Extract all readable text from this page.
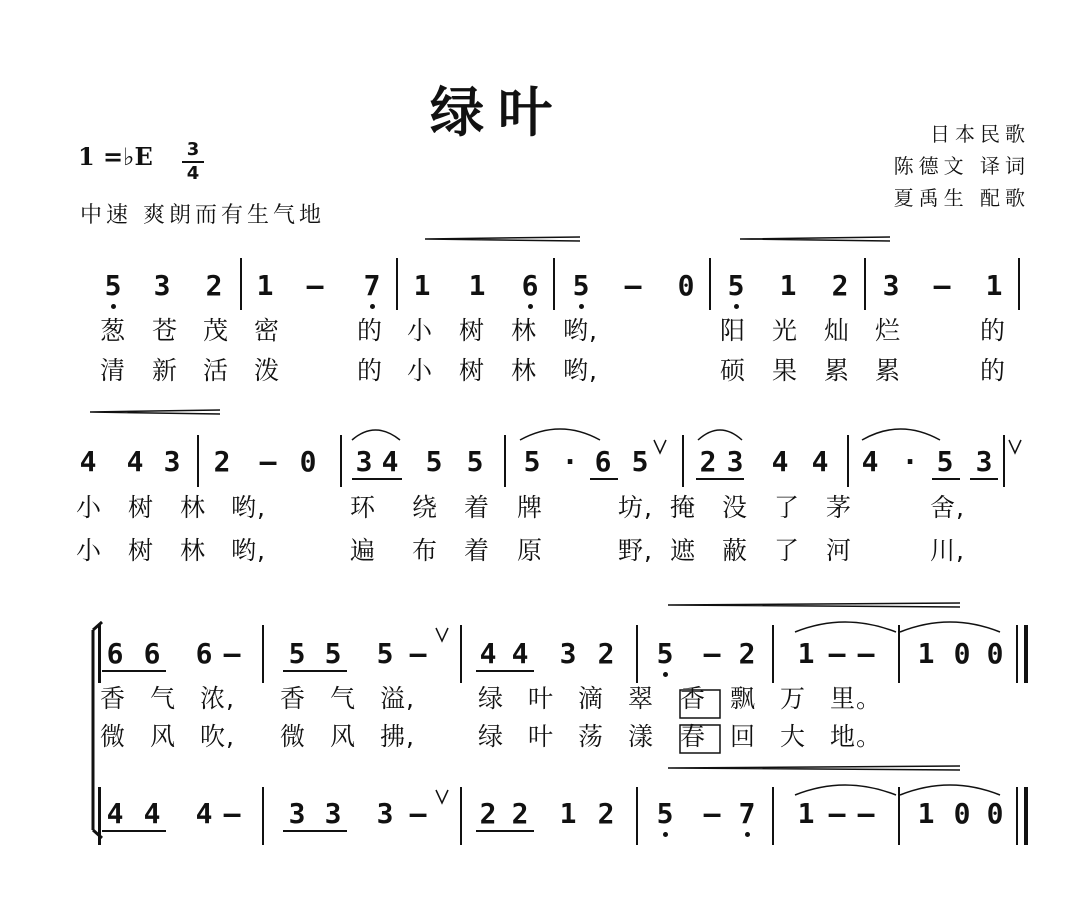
绿叶	日本民歌
陈德文 译词
夏禹生 配歌
1 =♭E 3
4
中速 爽朗而有生气地
5 3 2 1 – 7 1 1 6 5 – 0 5 1 2 3 – 1
葱 苍 茂 密	的 小 树 林 哟,	阳 光 灿 烂	的
清 新 活 泼	的 小 树 林 哟,	硕 果 累 累	的
4 4 3 2 – 0 3 4 5 5 5 · 6 5 2 3 4 4 4 · 5 3
小 树 林 哟,	环 绕 着 牌	坊, 掩 没 了 茅	舍,
小 树 林 哟,	遍 布 着 原	野, 遮 蔽 了 河	川,
6 6 6 – 5 5 5 – 4 4 3 2 5 – 2 1 – – 1 0 0
香 气 浓, 香 气 溢,	绿 叶 滴 翠 香 飘 万 里。
微 风 吹, 微 风 拂,	绿 叶 荡 漾 春 回 大 地。
4 4 4 – 3 3 3 – 2 2 1 2 5 – 7 1 – – 1 0 0
